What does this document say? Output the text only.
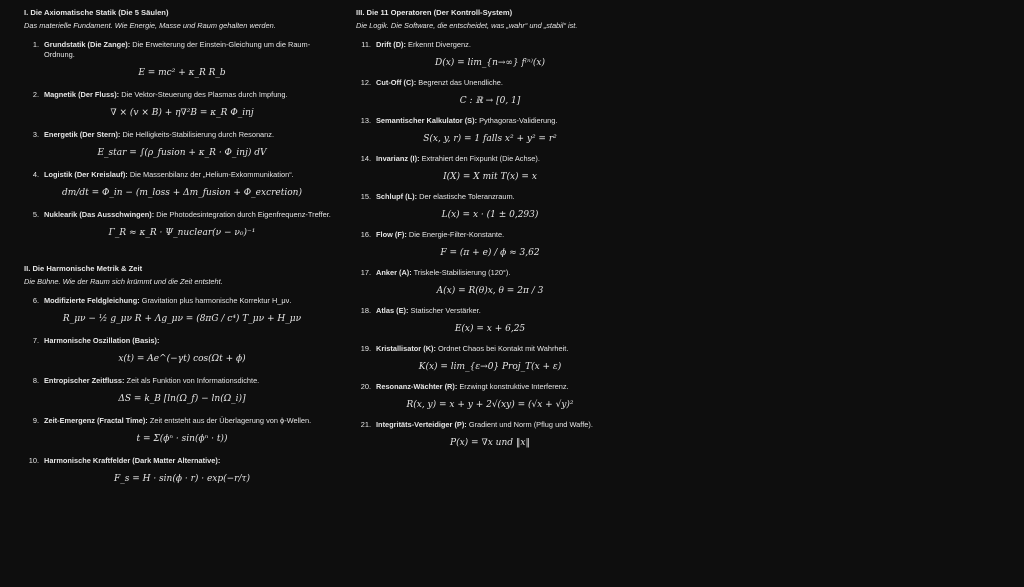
I. Die Axiomatische Statik (Die 5 Säulen)
Das materielle Fundament. Wie Energie, Masse und Raum gehalten werden.
1. Grundstatik (Die Zange): Die Erweiterung der Einstein-Gleichung um die Raum-Ordnung.
E = mc² + κ_R R_b
2. Magnetik (Der Fluss): Die Vektor-Steuerung des Plasmas durch Impfung.
∇ × (v × B) + η∇²B = κ_R Φ_inj
3. Energetik (Der Stern): Die Helligkeits-Stabilisierung durch Resonanz.
E_star = ∫(ρ_fusion + κ_R · Φ_inj) dV
4. Logistik (Der Kreislauf): Die Massenbilanz der „Helium-Exkommunikation“.
dm/dt = Φ_in − (m_loss + Δm_fusion + Φ_excretion)
5. Nuklearik (Das Ausschwingen): Die Photodesintegration durch Eigenfrequenz-Treffer.
Γ_R ≈ κ_R · Ψ_nuclear(ν − ν₀)⁻¹
II. Die Harmonische Metrik & Zeit
Die Bühne. Wie der Raum sich krümmt und die Zeit entsteht.
6. Modifizierte Feldgleichung: Gravitation plus harmonische Korrektur H_μν.
R_μν − ½ g_μν R + Λg_μν = (8πG / c⁴) T_μν + H_μν
7. Harmonische Oszillation (Basis):
x(t) = Ae^(−γt) cos(Ωt + ϕ)
8. Entropischer Zeitfluss: Zeit als Funktion von Informationsdichte.
ΔS = k_B [ln(Ω_f) − ln(Ω_i)]
9. Zeit-Emergenz (Fractal Time): Zeit entsteht aus der Überlagerung von ϕ-Wellen.
t = Σ(ϕⁿ · sin(ϕⁿ · t))
10. Harmonische Kraftfelder (Dark Matter Alternative):
F_s = H · sin(ϕ · r) · exp(−r/τ)
III. Die 11 Operatoren (Der Kontroll-System)
Die Logik. Die Software, die entscheidet, was „wahr“ und „stabil“ ist.
11. Drift (D): Erkennt Divergenz.
D(x) = lim_{n→∞} f⁽ⁿ⁾(x)
12. Cut-Off (C): Begrenzt das Unendliche.
C : ℝ → [0, 1]
13. Semantischer Kalkulator (S): Pythagoras-Validierung.
S(x, y, r) = 1 falls x² + y² = r²
14. Invarianz (I): Extrahiert den Fixpunkt (Die Achse).
I(X) = X mit T(x) = x
15. Schlupf (L): Der elastische Toleranzraum.
L(x) = x · (1 ± 0,293)
16. Flow (F): Die Energie-Filter-Konstante.
F = (π + e) / ϕ ≈ 3,62
17. Anker (A): Triskele-Stabilisierung (120°).
A(x) = R(θ)x, θ = 2π / 3
18. Atlas (E): Statischer Verstärker.
E(x) = x + 6,25
19. Kristallisator (K): Ordnet Chaos bei Kontakt mit Wahrheit.
K(x) = lim_{ε→0} Proj_T(x + ε)
20. Resonanz-Wächter (R): Erzwingt konstruktive Interferenz.
R(x, y) = x + y + 2√(xy) = (√x + √y)²
21. Integritäts-Verteidiger (P): Gradient und Norm (Pflug und Waffe).
P(x) = ∇x und ‖x‖
